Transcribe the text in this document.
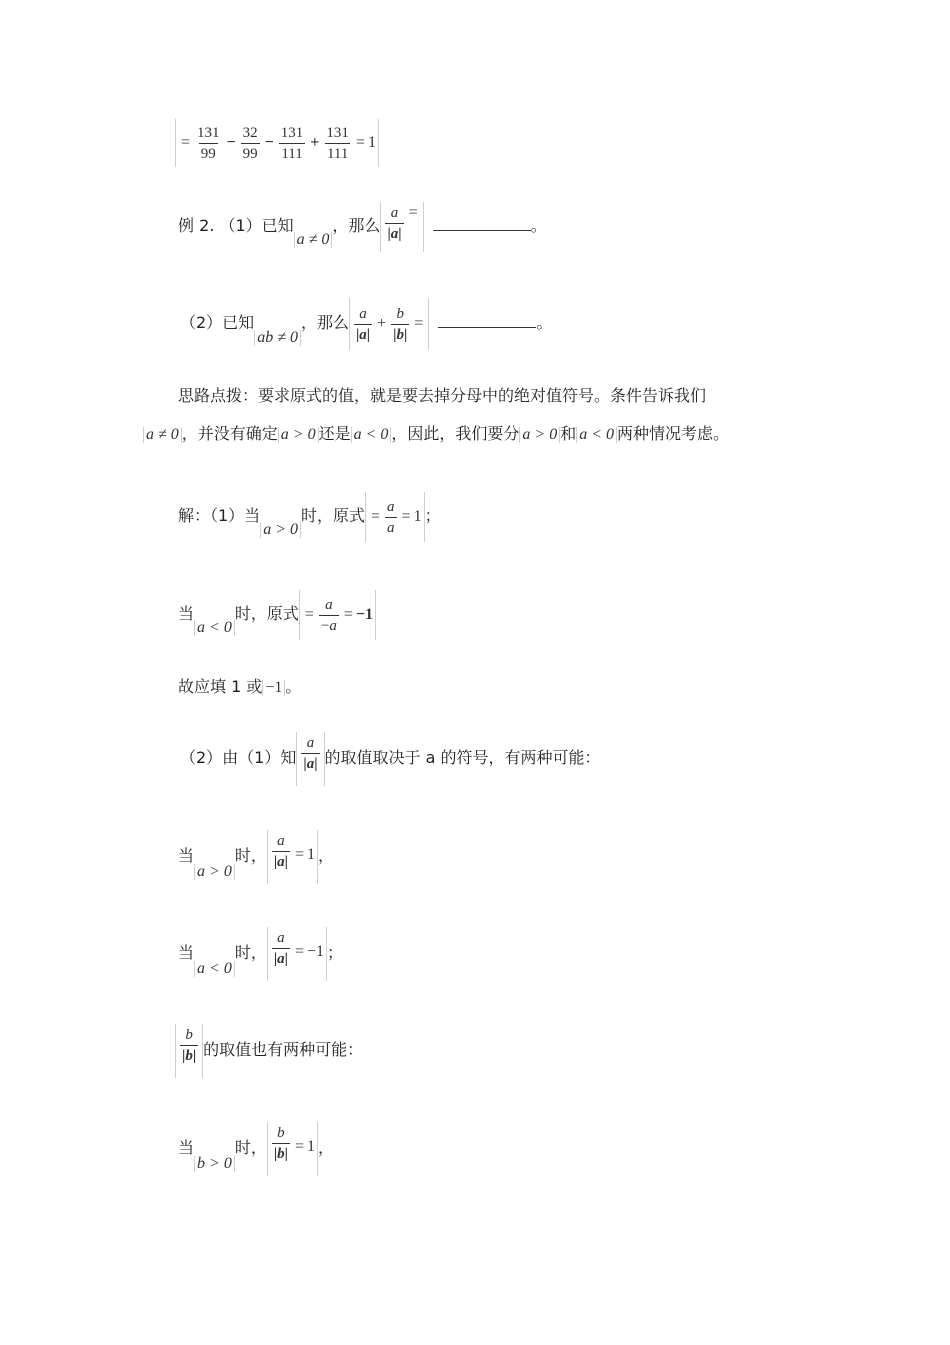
= $\frac{131}{99} - \frac{32}{99} - \frac{131}{111} + \frac{131}{111} = 1$
例 2. （1）已知a ≠ 0，那么 $\frac{a}{|a|}$ =
。
（2）已知ab ≠ 0，那么 $\frac{a}{|a|} + \frac{b}{|b|}$ =	。
思路点拨：要求原式的值，就是要去掉分母中的绝对值符号。条件告诉我们
a ≠ 0 ，并没有确定 a > 0 还是 a < 0 ，因此，我们要分 a > 0 和 a < 0 两种情况考虑。
解：（1）当a > 0时，原式 = $\frac{a}{a} = 1$ ；
当a < 0时，原式 = $\frac{a}{-a} = -1$
故应填 1 或 −1 。
（2）由（1）知 $\frac{a}{|a|}$ 的取值取决于 a 的符号，有两种可能：
当a > 0时， $\frac{a}{|a|} = 1$ ，
当a < 0时， $\frac{a}{|a|} = -1$ ；
$\frac{b}{|b|}$ 的取值也有两种可能：
当b > 0时， $\frac{b}{|b|} = 1$ ，
